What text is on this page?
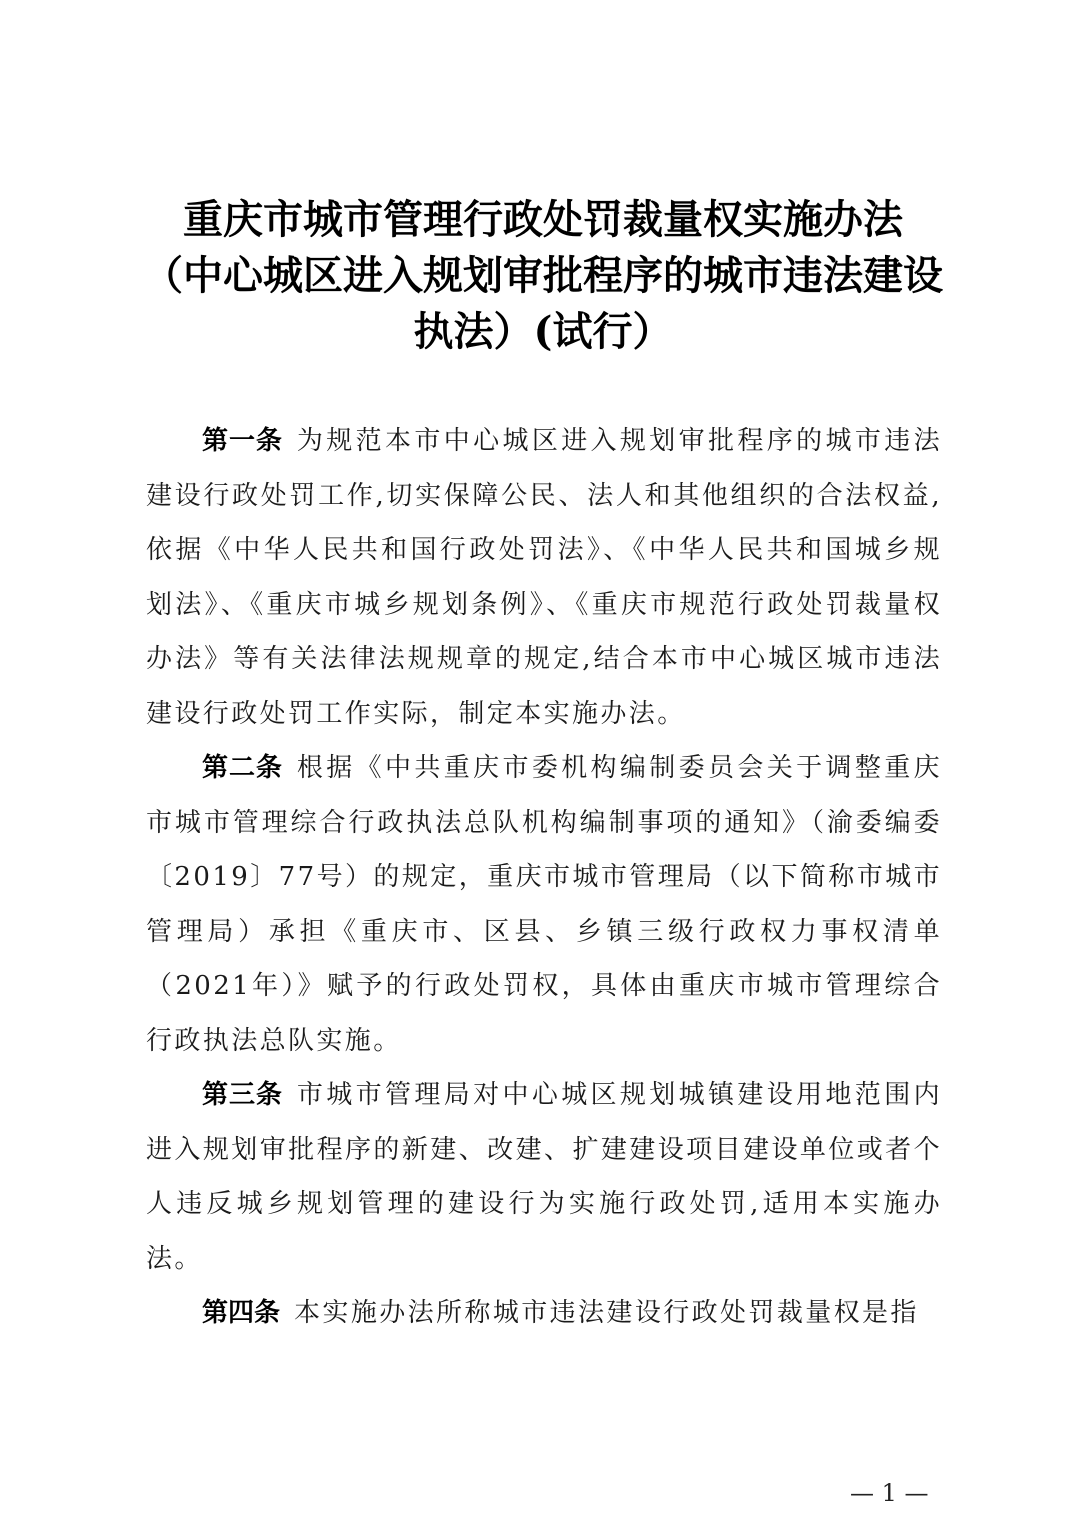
重庆市城市管理行政处罚裁量权实施办法
（中心城区进入规划审批程序的城市违法建设
执法）(试行）

第一条 为规范本市中心城区进入规划审批程序的城市违法建设行政处罚工作,切实保障公民、法人和其他组织的合法权益,依据《中华人民共和国行政处罚法》、《中华人民共和国城乡规划法》、《重庆市城乡规划条例》、《重庆市规范行政处罚裁量权办法》等有关法律法规规章的规定,结合本市中心城区城市违法建设行政处罚工作实际，制定本实施办法。

第二条 根据《中共重庆市委机构编制委员会关于调整重庆市城市管理综合行政执法总队机构编制事项的通知》（渝委编委〔2019〕77号）的规定，重庆市城市管理局（以下简称市城市管理局）承担《重庆市、区县、乡镇三级行政权力事权清单（2021年）》赋予的行政处罚权，具体由重庆市城市管理综合行政执法总队实施。

第三条 市城市管理局对中心城区规划城镇建设用地范围内进入规划审批程序的新建、改建、扩建建设项目建设单位或者个人违反城乡规划管理的建设行为实施行政处罚,适用本实施办法。

第四条 本实施办法所称城市违法建设行政处罚裁量权是指

— 1 —
